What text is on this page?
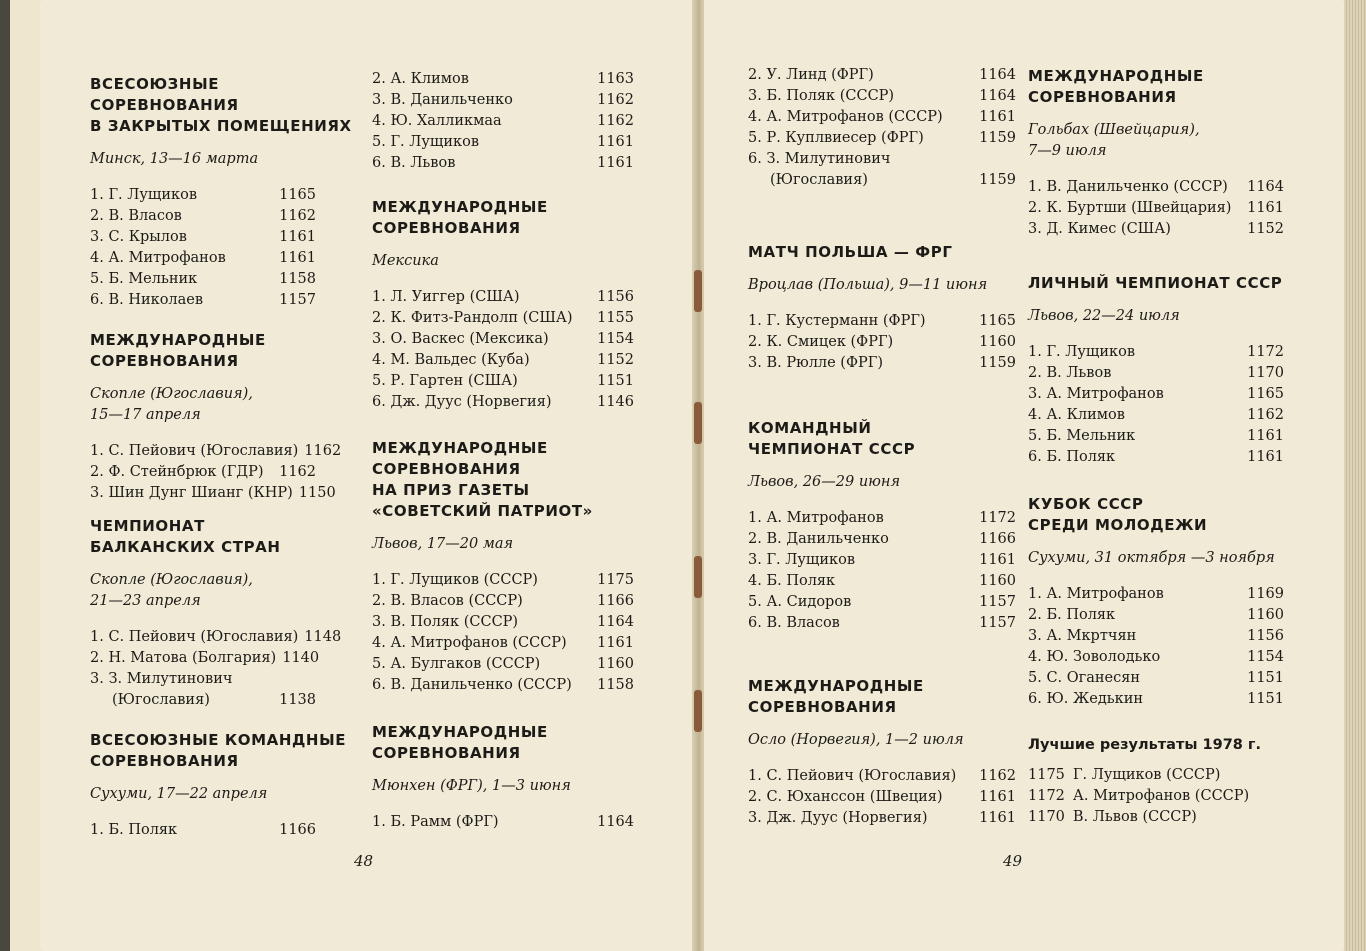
ВСЕСОЮЗНЫЕ
СОРЕВНОВАНИЯ
В ЗАКРЫТЫХ ПОМЕЩЕНИЯХ
Минск, 13—16 марта
1. Г. Лущиков	1165
2. В. Власов	1162
3. С. Крылов	1161
4. А. Митрофанов	1161
5. Б. Мельник	1158
6. В. Николаев	1157
МЕЖДУНАРОДНЫЕ
СОРЕВНОВАНИЯ
Скопле (Югославия),
15—17 апреля
1. С. Пейович (Югославия) 1162
2. Ф. Стейнбрюк (ГДР)	1162
3. Шин Дунг Шианг (КНР) 1150
ЧЕМПИОНАТ
БАЛКАНСКИХ СТРАН
Скопле (Югославия),
21—23 апреля
1. С. Пейович (Югославия) 1148
2. Н. Матова (Болгария) 1140
3. З. Милутинович
(Югославия)	1138
ВСЕСОЮЗНЫЕ КОМАНДНЫЕ
СОРЕВНОВАНИЯ
Сухуми, 17—22 апреля
1. Б. Поляк	1166
2. А. Климов	1163
3. В. Данильченко	1162
4. Ю. Халликмаа	1162
5. Г. Лущиков	1161
6. В. Львов	1161
МЕЖДУНАРОДНЫЕ
СОРЕВНОВАНИЯ
Мексика
1. Л. Уиггер (США)	1156
2. К. Фитз-Рандолп (США)	1155
3. О. Васкес (Мексика)	1154
4. М. Вальдес (Куба)	1152
5. Р. Гартен (США)	1151
6. Дж. Дуус (Норвегия)	1146
МЕЖДУНАРОДНЫЕ
СОРЕВНОВАНИЯ
НА ПРИЗ ГАЗЕТЫ
«СОВЕТСКИЙ ПАТРИОТ»
Львов, 17—20 мая
1. Г. Лущиков (СССР)	1175
2. В. Власов (СССР)	1166
3. В. Поляк (СССР)	1164
4. А. Митрофанов (СССР)	1161
5. А. Булгаков (СССР)	1160
6. В. Данильченко (СССР)	1158
МЕЖДУНАРОДНЫЕ
СОРЕВНОВАНИЯ
Мюнхен (ФРГ), 1—3 июня
1. Б. Рамм (ФРГ)	1164
48
2. У. Линд (ФРГ)	1164
3. Б. Поляк (СССР)	1164
4. А. Митрофанов (СССР)	1161
5. Р. Куплвиесер (ФРГ)	1159
6. З. Милутинович
(Югославия)	1159
МАТЧ ПОЛЬША — ФРГ
Вроцлав (Польша), 9—11 июня
1. Г. Кустерманн (ФРГ)	1165
2. К. Смицек (ФРГ)	1160
3. В. Рюлле (ФРГ)	1159
КОМАНДНЫЙ
ЧЕМПИОНАТ СССР
Львов, 26—29 июня
1. А. Митрофанов	1172
2. В. Данильченко	1166
3. Г. Лущиков	1161
4. Б. Поляк	1160
5. А. Сидоров	1157
6. В. Власов	1157
МЕЖДУНАРОДНЫЕ
СОРЕВНОВАНИЯ
Осло (Норвегия), 1—2 июля
1. С. Пейович (Югославия)	1162
2. С. Юханссон (Швеция)	1161
3. Дж. Дуус (Норвегия)	1161
МЕЖДУНАРОДНЫЕ
СОРЕВНОВАНИЯ
Гольбах (Швейцария),
7—9 июля
1. В. Данильченко (СССР)	1164
2. К. Буртши (Швейцария)	1161
3. Д. Кимес (США)	1152
ЛИЧНЫЙ ЧЕМПИОНАТ СССР
Львов, 22—24 июля
1. Г. Лущиков	1172
2. В. Львов	1170
3. А. Митрофанов	1165
4. А. Климов	1162
5. Б. Мельник	1161
6. Б. Поляк	1161
КУБОК СССР
СРЕДИ МОЛОДЕЖИ
Сухуми, 31 октября —3 ноября
1. А. Митрофанов	1169
2. Б. Поляк	1160
3. А. Мкртчян	1156
4. Ю. Зоволодько	1154
5. С. Оганесян	1151
6. Ю. Жедькин	1151
Лучшие результаты 1978 г.
1175 Г. Лущиков (СССР)
1172 А. Митрофанов (СССР)
1170 В. Львов (СССР)
49
